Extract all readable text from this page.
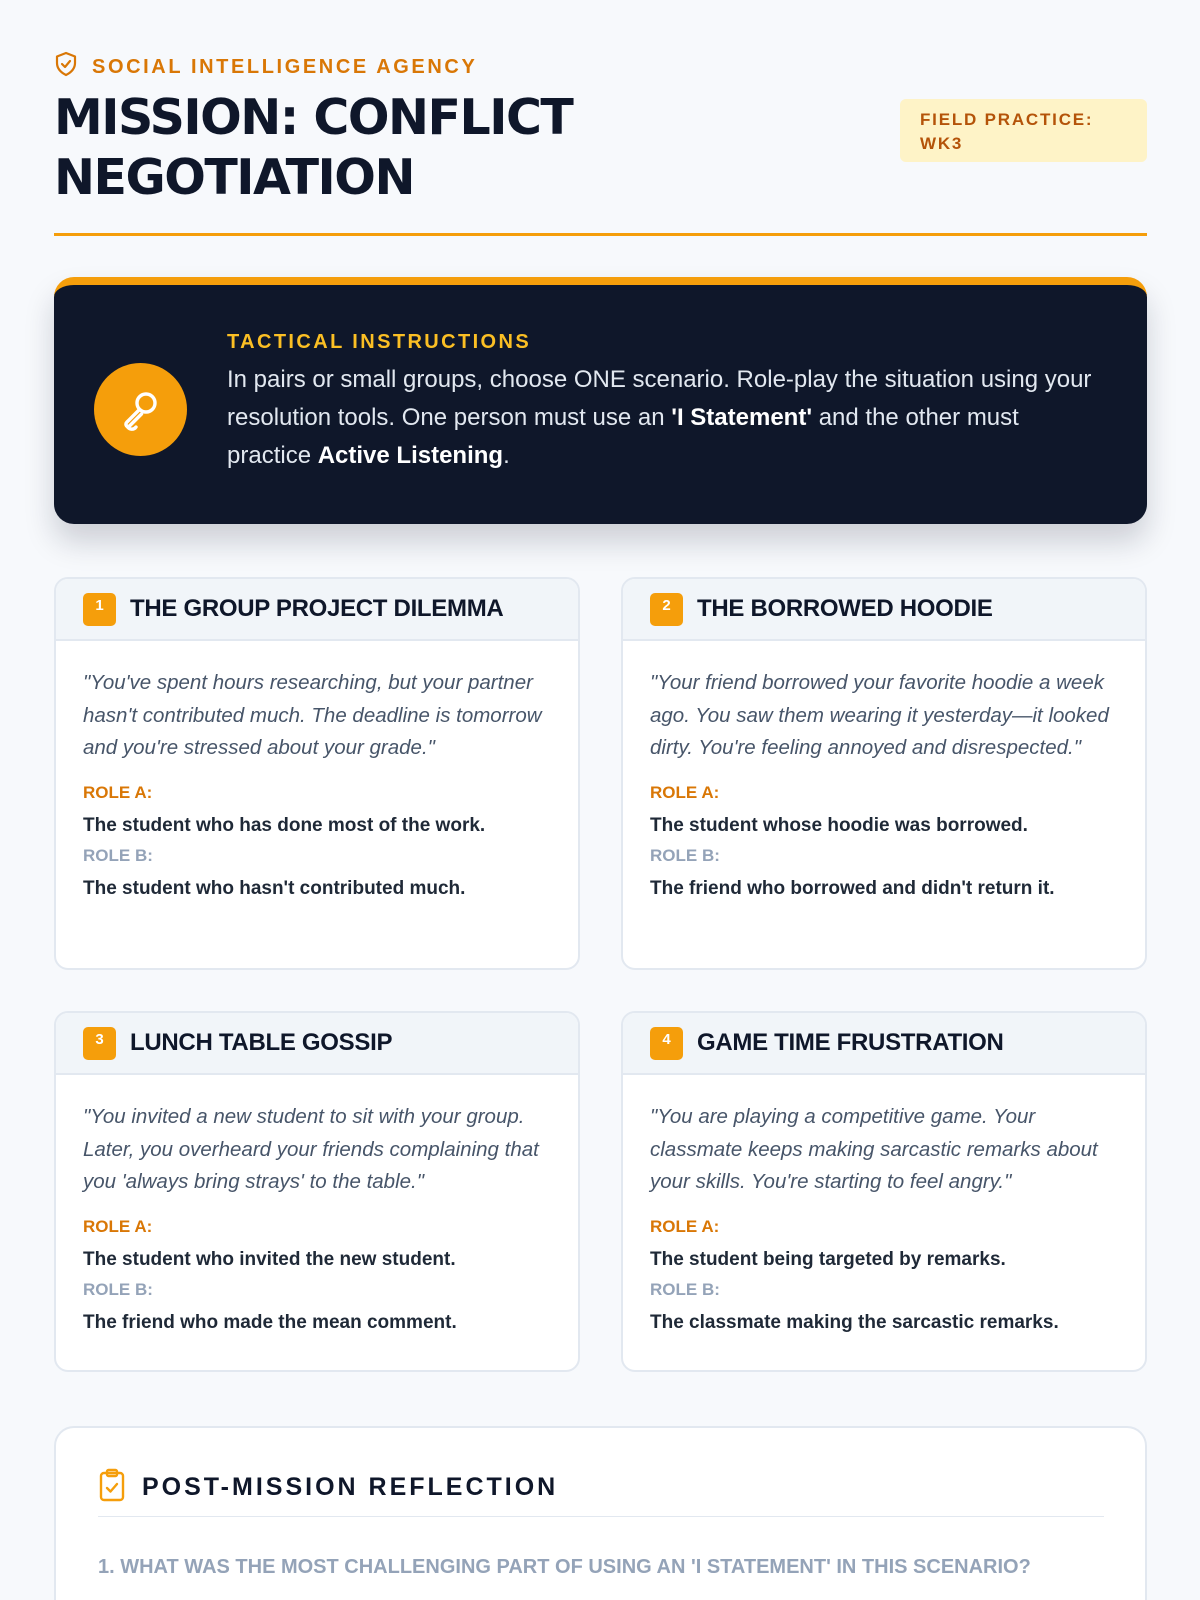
SOCIAL INTELLIGENCE AGENCY
MISSION: CONFLICT NEGOTIATION
FIELD PRACTICE: WK3
TACTICAL INSTRUCTIONS

In pairs or small groups, choose ONE scenario. Role-play the situation using your resolution tools. One person must use an 'I Statement' and the other must practice Active Listening.

1	THE GROUP PROJECT DILEMMA

"You've spent hours researching, but your partner hasn't contributed much. The deadline is tomorrow and you're stressed about your grade."

ROLE A:
The student who has done most of the work.
ROLE B:
The student who hasn't contributed much.
2	THE BORROWED HOODIE

"Your friend borrowed your favorite hoodie a week ago. You saw them wearing it yesterday—it looked dirty. You're feeling annoyed and disrespected."

ROLE A:
The student whose hoodie was borrowed.
ROLE B:
The friend who borrowed and didn't return it.
3	LUNCH TABLE GOSSIP

"You invited a new student to sit with your group. Later, you overheard your friends complaining that you 'always bring strays' to the table."

ROLE A:
The student who invited the new student.
ROLE B:
The friend who made the mean comment.
4	GAME TIME FRUSTRATION

"You are playing a competitive game. Your classmate keeps making sarcastic remarks about your skills. You're starting to feel angry."

ROLE A:
The student being targeted by remarks.
ROLE B:
The classmate making the sarcastic remarks.
POST-MISSION REFLECTION
1. WHAT WAS THE MOST CHALLENGING PART OF USING AN 'I STATEMENT' IN THIS SCENARIO?
